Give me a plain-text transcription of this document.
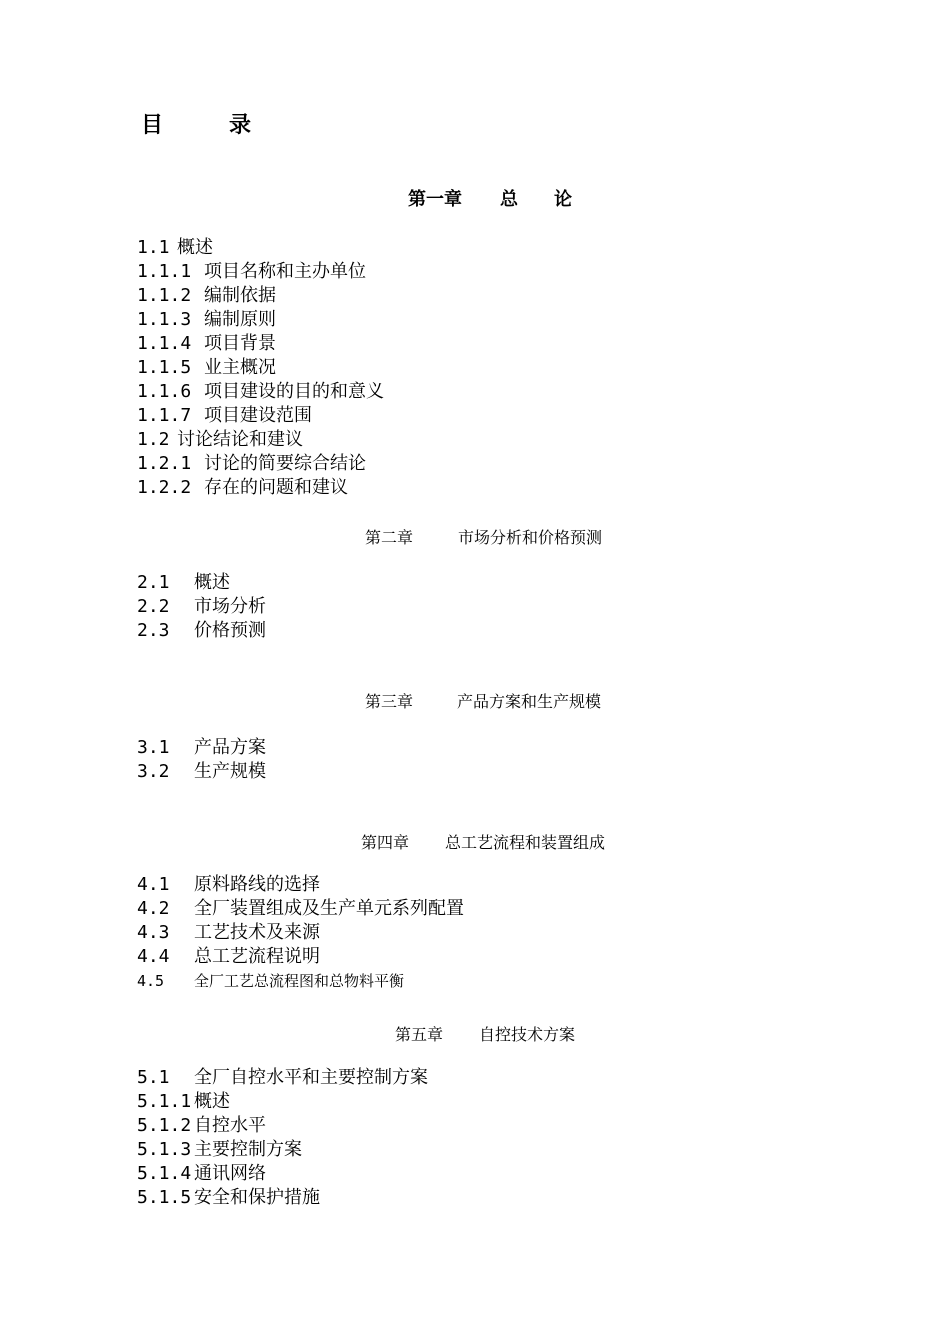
目　　　录
第一章 总　　论
1.1 概述
1.1.1 项目名称和主办单位
1.1.2 编制依据
1.1.3 编制原则
1.1.4 项目背景
1.1.5 业主概况
1.1.6 项目建设的目的和意义
1.1.7 项目建设范围
1.2 讨论结论和建议
1.2.1 讨论的简要综合结论
1.2.2 存在的问题和建议
第二章	市场分析和价格预测
2.1 概述
2.2 市场分析
2.3 价格预测
第三章	产品方案和生产规模
3.1 产品方案
3.2 生产规模
第四章 总工艺流程和装置组成
4.1 原料路线的选择
4.2 全厂装置组成及生产单元系列配置
4.3 工艺技术及来源
4.4 总工艺流程说明
4.5 全厂工艺总流程图和总物料平衡
第五章 自控技术方案
5.1 全厂自控水平和主要控制方案
5.1.1 概述
5.1.2 自控水平
5.1.3 主要控制方案
5.1.4 通讯网络
5.1.5 安全和保护措施
